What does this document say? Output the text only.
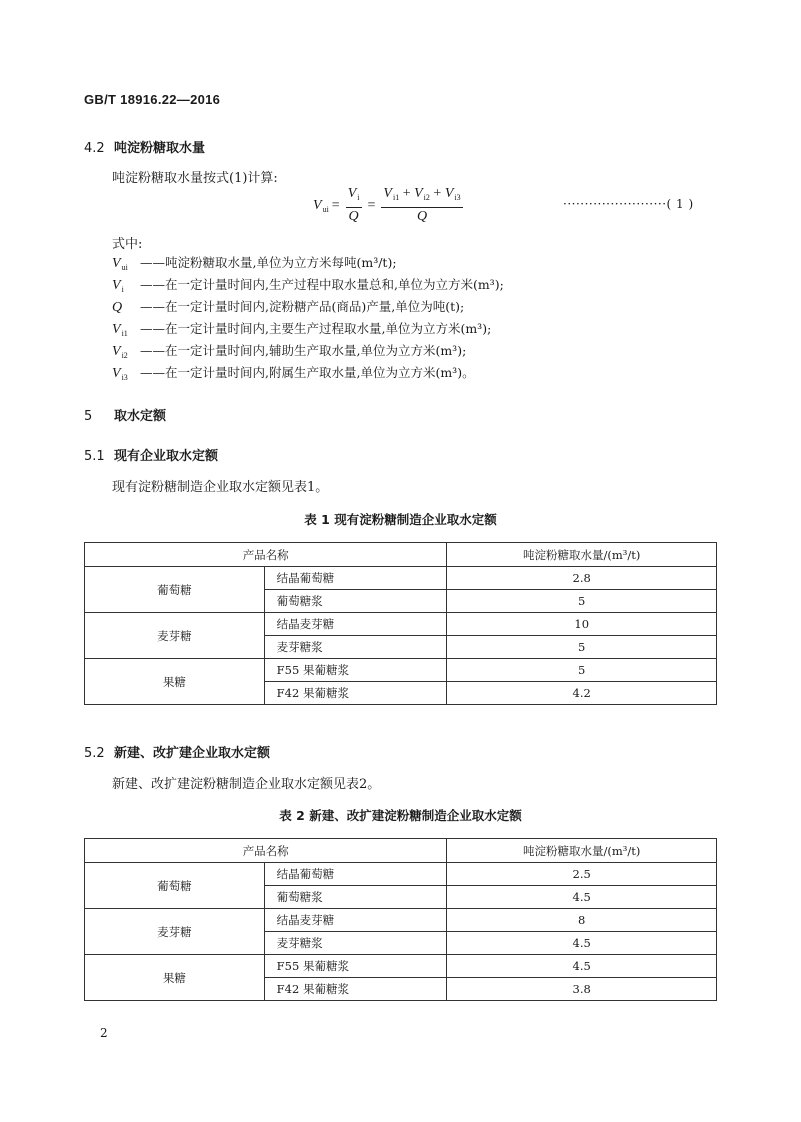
GB/T 18916.22—2016
4.2 吨淀粉糖取水量
吨淀粉糖取水量按式(1)计算:
$V_{ui} = \frac{V_i}{Q} = \frac{V_{i1} + V_{i2} + V_{i3}}{Q}$	························( 1 )
式中:
$V_{ui}$ ——吨淀粉糖取水量,单位为立方米每吨(m³/t);
$V_i$ ——在一定计量时间内,生产过程中取水量总和,单位为立方米(m³);
Q ——在一定计量时间内,淀粉糖产品(商品)产量,单位为吨(t);
$V_{i1}$ ——在一定计量时间内,主要生产过程取水量,单位为立方米(m³);
$V_{i2}$ ——在一定计量时间内,辅助生产取水量,单位为立方米(m³);
$V_{i3}$ ——在一定计量时间内,附属生产取水量,单位为立方米(m³)。
5 取水定额
5.1 现有企业取水定额
现有淀粉糖制造企业取水定额见表1。
表 1 现有淀粉糖制造企业取水定额
产品名称		吨淀粉糖取水量/(m³/t)
葡萄糖	结晶葡萄糖	2.8
	葡萄糖浆	5
麦芽糖	结晶麦芽糖	10
	麦芽糖浆	5
果糖	F55 果葡糖浆	5
	F42 果葡糖浆	4.2
5.2 新建、改扩建企业取水定额
新建、改扩建淀粉糖制造企业取水定额见表2。
表 2 新建、改扩建淀粉糖制造企业取水定额
产品名称		吨淀粉糖取水量/(m³/t)
葡萄糖	结晶葡萄糖	2.5
	葡萄糖浆	4.5
麦芽糖	结晶麦芽糖	8
	麦芽糖浆	4.5
果糖	F55 果葡糖浆	4.5
	F42 果葡糖浆	3.8
2
